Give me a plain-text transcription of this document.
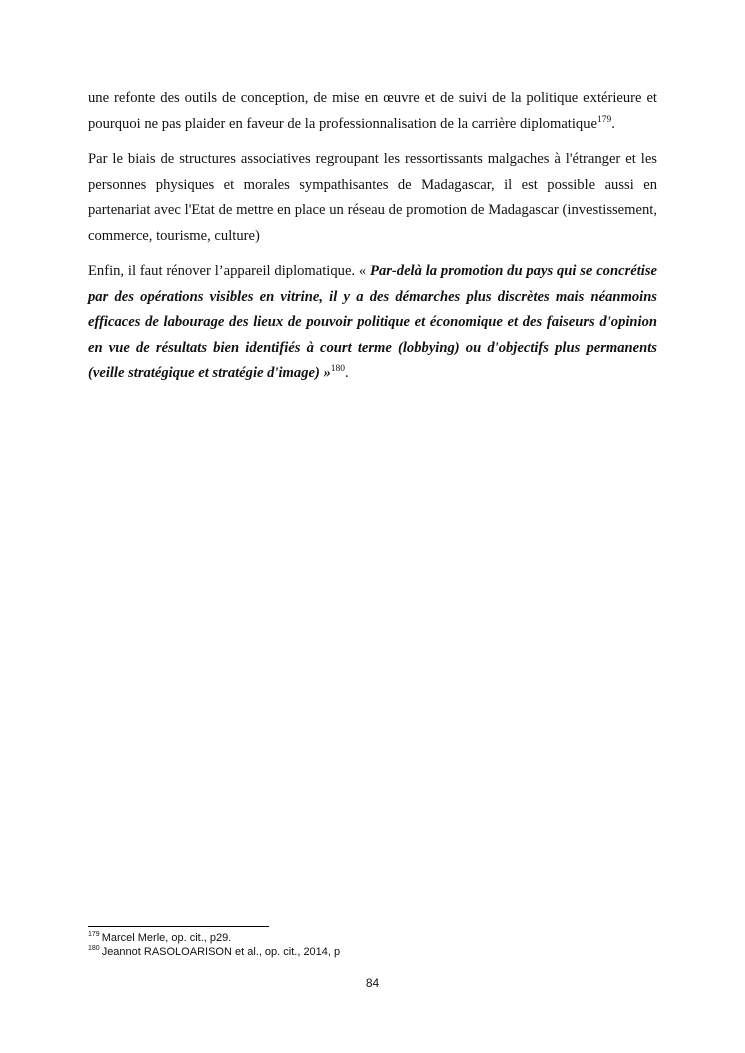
une refonte des outils de conception, de mise en œuvre et de suivi de la politique extérieure et pourquoi ne pas plaider en faveur de la professionnalisation de la carrière diplomatique$^{179}$.

Par le biais de structures associatives regroupant les ressortissants malgaches à l'étranger et les personnes physiques et morales sympathisantes de Madagascar, il est possible aussi en partenariat avec l'Etat de mettre en place un réseau de promotion de Madagascar (investissement, commerce, tourisme, culture)

Enfin, il faut rénover l’appareil diplomatique. « Par-delà la promotion du pays qui se concrétise par des opérations visibles en vitrine, il y a des démarches plus discrètes mais néanmoins efficaces de labourage des lieux de pouvoir politique et économique et des faiseurs d'opinion en vue de résultats bien identifiés à court terme (lobbying) ou d'objectifs plus permanents (veille stratégique et stratégie d'image) »$^{180}$.

$^{179}$ Marcel Merle, op. cit., p29.

$^{180}$ Jeannot RASOLOARISON et al., op. cit., 2014, p

84
